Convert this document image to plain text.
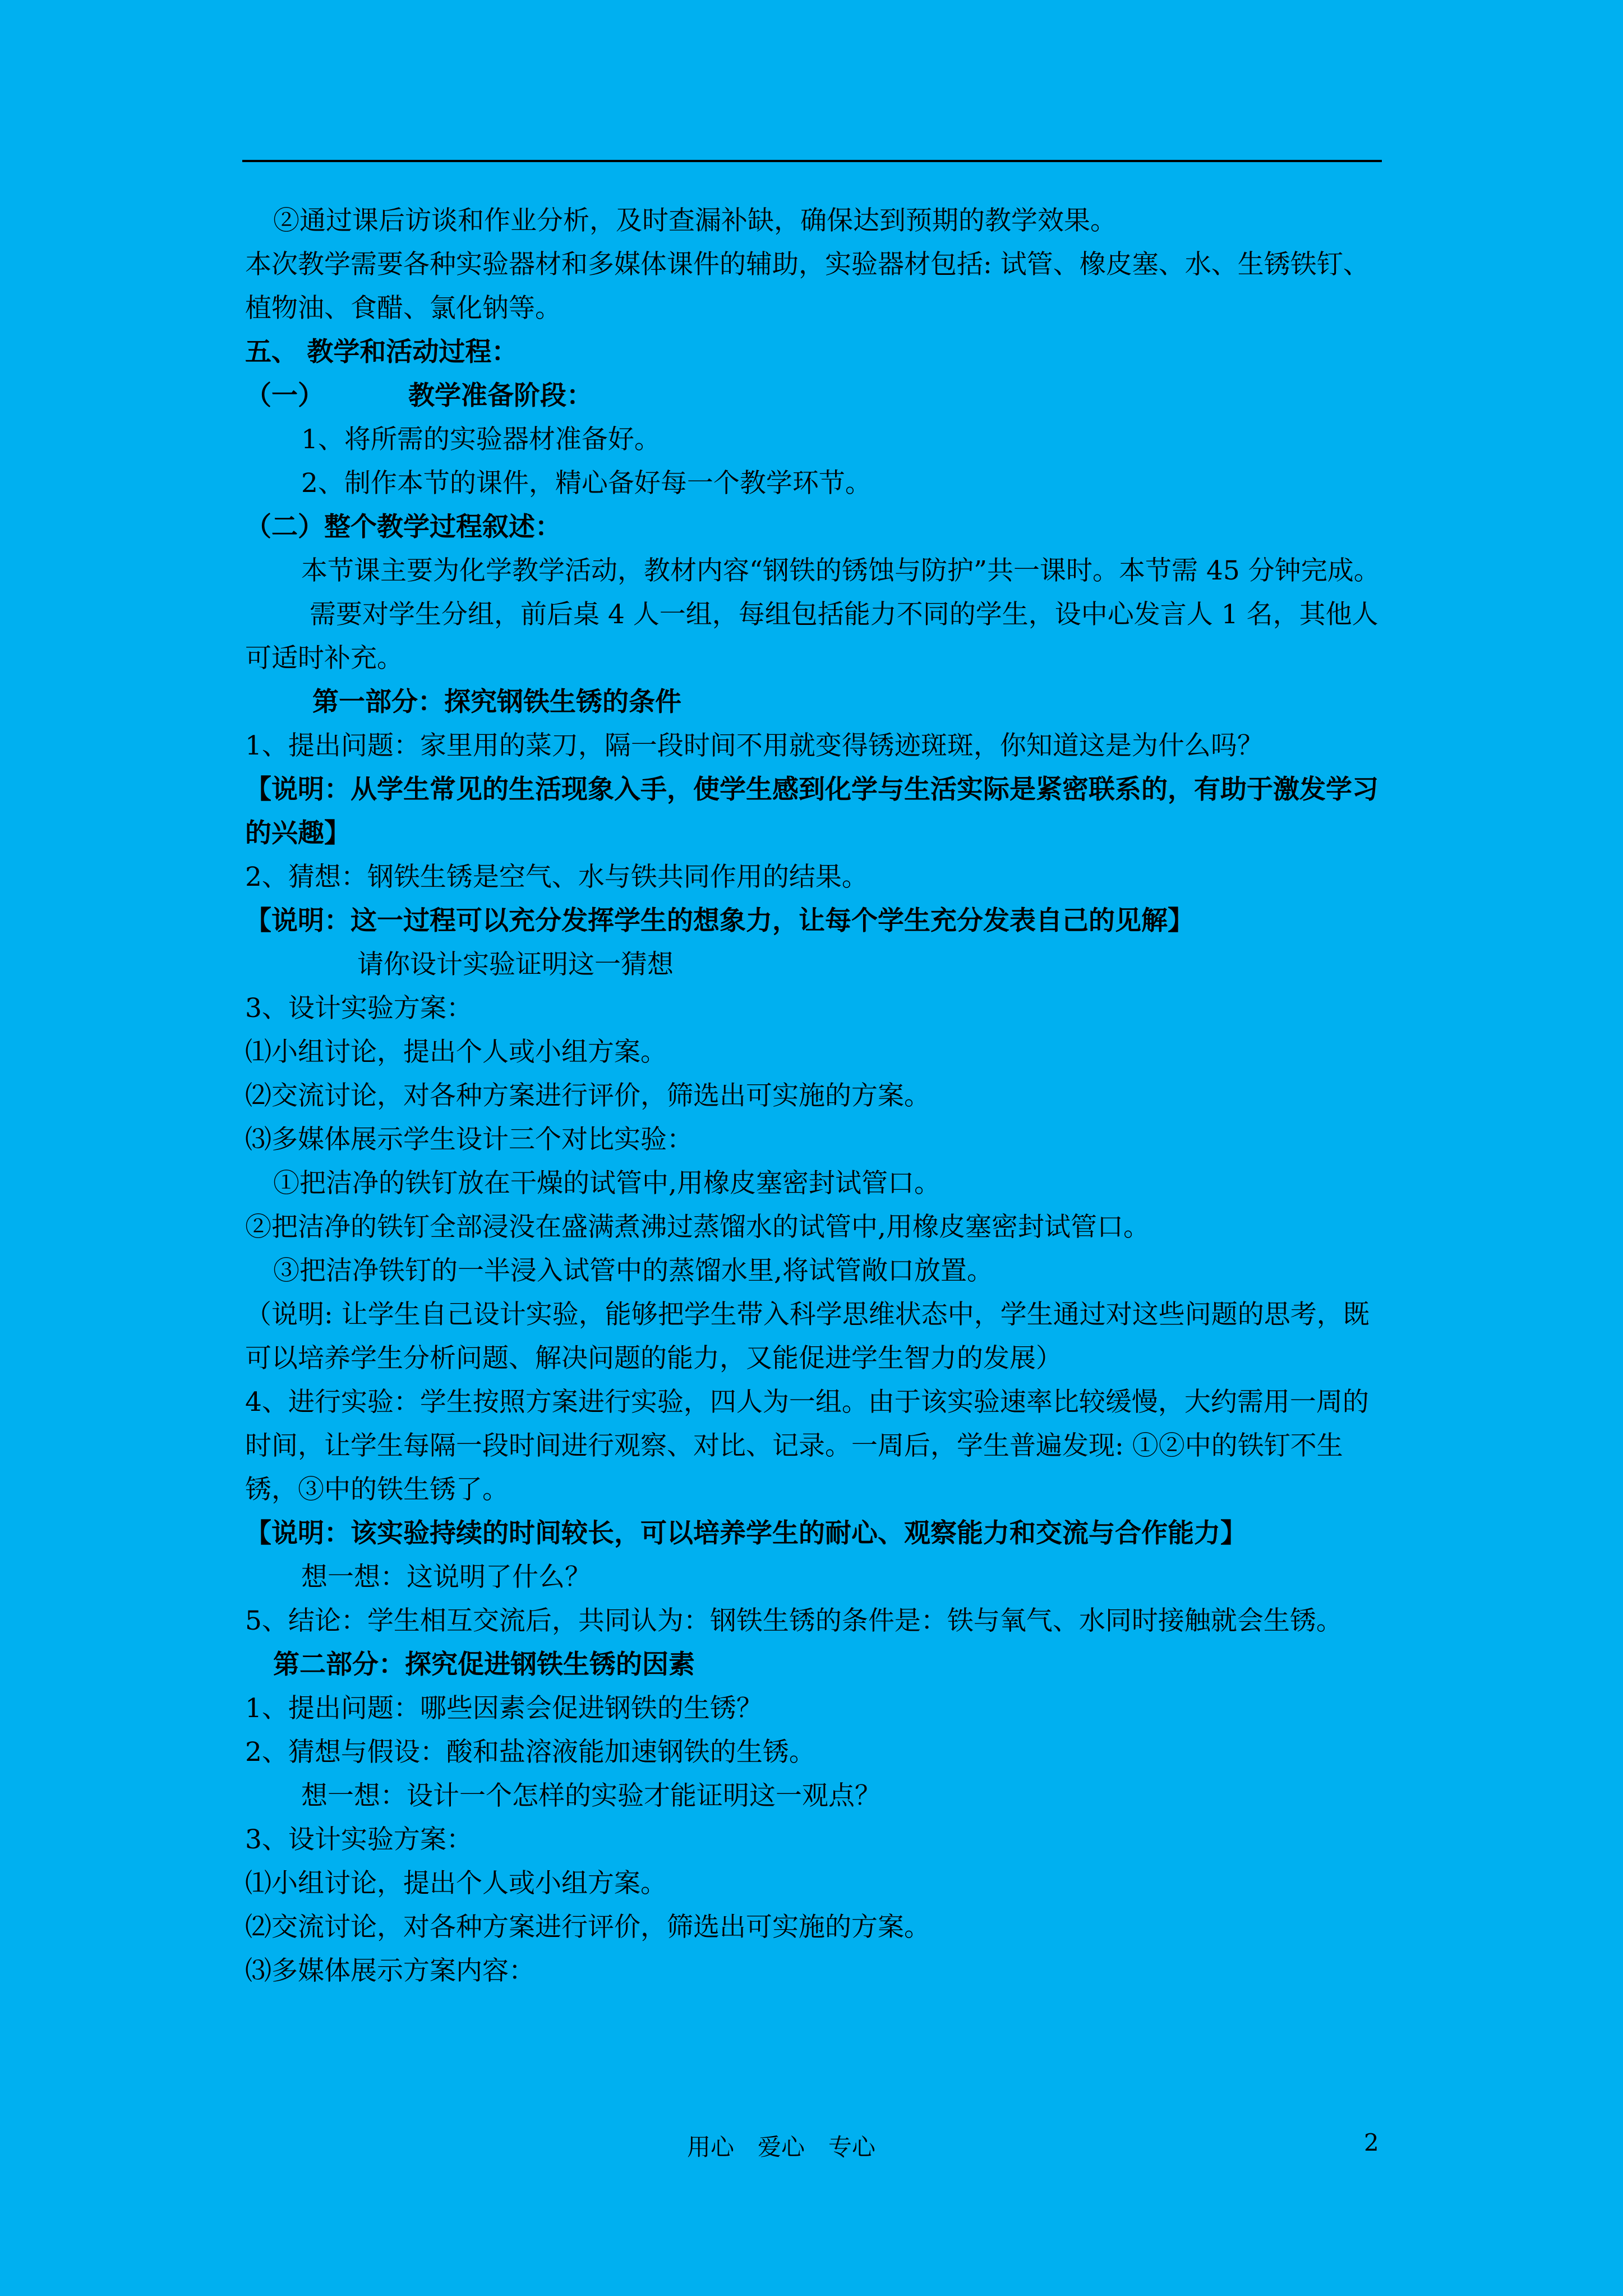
②通过课后访谈和作业分析，及时查漏补缺，确保达到预期的教学效果。

本次教学需要各种实验器材和多媒体课件的辅助，实验器材包括: 试管、橡皮塞、水、生锈铁钉、植物油、食醋、氯化钠等。

五、 教学和活动过程：

（一）	教学准备阶段：

1、将所需的实验器材准备好。

2、制作本节的课件，精心备好每一个教学环节。

（二）整个教学过程叙述：

本节课主要为化学教学活动，教材内容“钢铁的锈蚀与防护”共一课时。本节需 45 分钟完成。

需要对学生分组，前后桌 4 人一组，每组包括能力不同的学生，设中心发言人 1 名，其他人可适时补充。

第一部分：探究钢铁生锈的条件

1、提出问题：家里用的菜刀，隔一段时间不用就变得锈迹斑斑，你知道这是为什么吗？

【说明：从学生常见的生活现象入手，使学生感到化学与生活实际是紧密联系的，有助于激发学习的兴趣】

2、猜想：钢铁生锈是空气、水与铁共同作用的结果。

【说明：这一过程可以充分发挥学生的想象力，让每个学生充分发表自己的见解】

请你设计实验证明这一猜想

3、设计实验方案：

⑴小组讨论，提出个人或小组方案。

⑵交流讨论，对各种方案进行评价，筛选出可实施的方案。

⑶多媒体展示学生设计三个对比实验：

①把洁净的铁钉放在干燥的试管中,用橡皮塞密封试管口。

②把洁净的铁钉全部浸没在盛满煮沸过蒸馏水的试管中,用橡皮塞密封试管口。

③把洁净铁钉的一半浸入试管中的蒸馏水里,将试管敞口放置。

（说明: 让学生自己设计实验，能够把学生带入科学思维状态中，学生通过对这些问题的思考，既可以培养学生分析问题、解决问题的能力，又能促进学生智力的发展）

4、进行实验：学生按照方案进行实验，四人为一组。由于该实验速率比较缓慢，大约需用一周的时间，让学生每隔一段时间进行观察、对比、记录。一周后，学生普遍发现: ①②中的铁钉不生锈，③中的铁生锈了。

【说明：该实验持续的时间较长，可以培养学生的耐心、观察能力和交流与合作能力】

想一想：这说明了什么？

5、结论：学生相互交流后，共同认为：钢铁生锈的条件是：铁与氧气、水同时接触就会生锈。

第二部分：探究促进钢铁生锈的因素

1、提出问题：哪些因素会促进钢铁的生锈？

2、猜想与假设：酸和盐溶液能加速钢铁的生锈。

想一想：设计一个怎样的实验才能证明这一观点？

3、设计实验方案：

⑴小组讨论，提出个人或小组方案。

⑵交流讨论，对各种方案进行评价，筛选出可实施的方案。

⑶多媒体展示方案内容：

用心　爱心　专心	2
